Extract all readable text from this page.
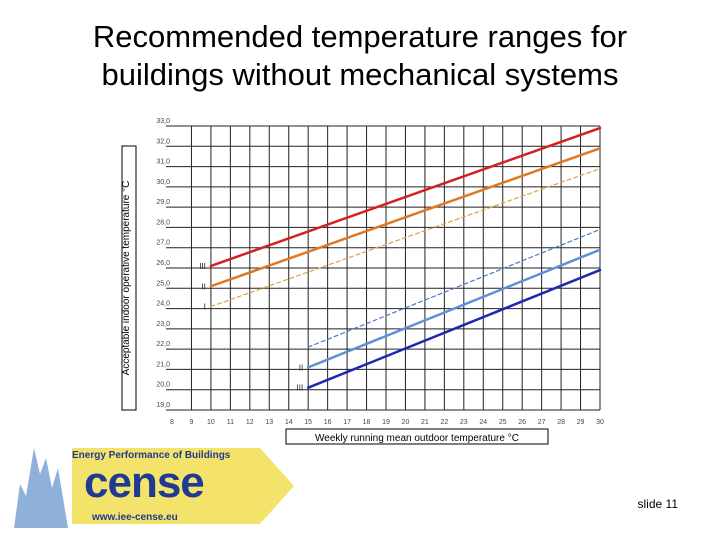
Recommended temperature ranges for
buildings without mechanical systems
Acceptable indoor operative temperature °C
Weekly running mean outdoor temperature °C
8 9 10 11 12 13 14 15 16 17 18 19 20 21 22 23 24 25 26 27 28 29 30
19,0
20,0
21,0
22,0
23,0
24,0
25,0
26,0
27,0
28,0
29,0
30,0
31,0
32,0
33,0
III
II
I
II
III
Energy Performance of Buildings
cense
www.iee-cense.eu
slide 11
